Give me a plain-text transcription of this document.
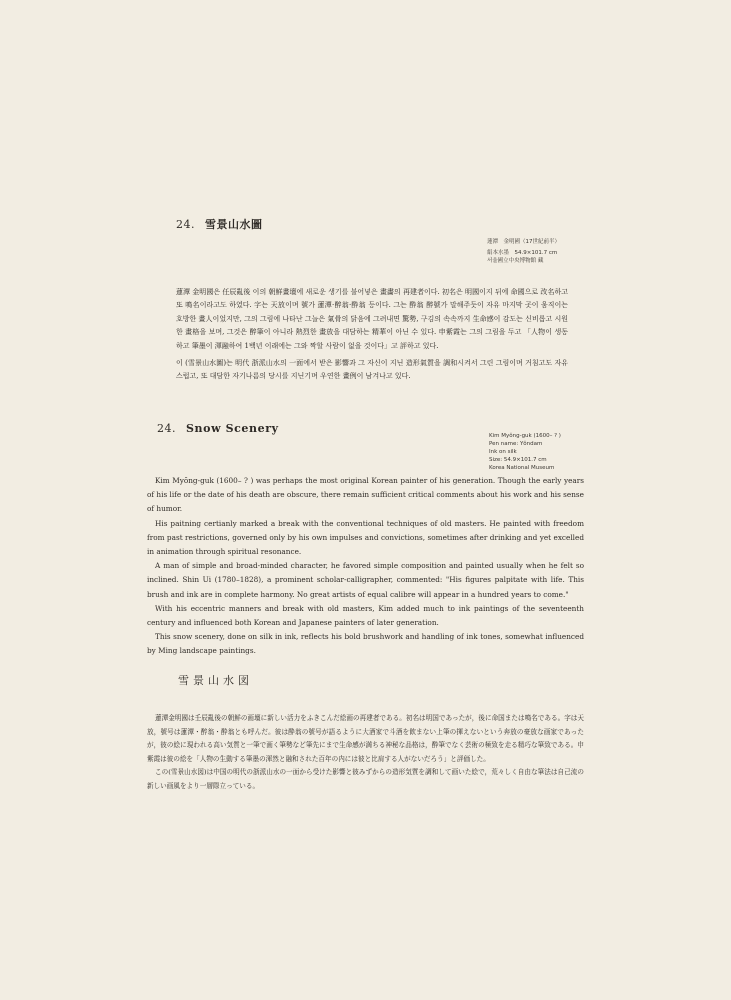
24. 雪景山水圖
蓮潭　金明國（17世紀前半）
絹本水墨　54.9×101.7 cm
서울國立中央博物館 藏

蓮潭 金明國은 任辰亂後 이의 朝鮮畫壇에 새로운 생기를 불어넣은 畫畵의 再建者이다. 初名은 明國이지 뒤에 命國으로 改名하고 또 鳴名이라고도 하였다. 字는 天放이며 號가 蓮潭·醉翁·酔翁 등이다. 그는 酔翁 醉號가 말해주듯이 자유 마지막 곳이 움직이는 호방한 畫人이었지만, 그의 그림에 나타난 그늘은 氣骨의 닭음에 그려내면 驚勢, 구김의 속속까지 生命感이 감도는 신비롭고 시원한 畫格을 보며, 그것은 醉筆이 아니라 熱烈한 畫放을 대담하는 精華이 아닌 수 있다. 申紫霞는 그의 그림을 두고 「人物이 생동하고 筆墨이 渾融하여 1백년 이래에는 그와 짝할 사람이 없을 것이다」고 評하고 있다.

이 (雪景山水圖)는 明代 浙派山水의 一面에서 받은 影響과 그 자신이 지닌 造形氣質을 調和시켜서 그린 그림이며 거침고도 자유스럽고, 또 대담한 자기나름의 당시를 지닌기며 우연한 畫例이 남겨나고 있다.

24. Snow Scenery
Kim Myŏng-guk (1600– ? )
Pen name: Yŏndam
Ink on silk
Size: 54.9×101.7 cm
Korea National Museum

Kim Myŏng-guk (1600– ? ) was perhaps the most original Korean painter of his generation. Though the early years of his life or the date of his death are obscure, there remain sufficient critical comments about his work and his sense of humor.

His paitning certianly marked a break with the conventional techniques of old masters. He painted with freedom from past restrictions, governed only by his own impulses and convictions, sometimes after drinking and yet excelled in animation through spiritual resonance.

A man of simple and broad-minded character, he favored simple composition and painted usually when he felt so inclined. Shin Ui (1780–1828), a prominent scholar-calligrapher, commented: "His figures palpitate with life. This brush and ink are in complete harmony. No great artists of equal calibre will appear in a hundred years to come."

With his eccentric manners and break with old masters, Kim added much to ink paintings of the seventeenth century and influenced both Korean and Japanese painters of later generation.

This snow scenery, done on silk in ink, reflects his bold brushwork and handling of ink tones, somewhat influenced by Ming landscape paintings.

雪景山水図

蓮潭金明國は壬辰亂後の朝鮮の画壇に新しい活力をふきこんだ絵画の再建者である。初名は明国であったが，後に命国または鳴名である。字は天放，號号は蓮潭・醉翁・酔翁とも呼んだ。彼は酔翁の號号が語るように大酒家で斗酒を飲まない上筆の揮えないという奔放の豪放な画家であったが，彼の絵に現われる高い気質と一筆で画く筆勢など筆先にまで生命感が満ちる神秘な品格は，酔筆でなく芸術の極致を走る精巧な筆致である。申紫霞は彼の絵を「人物の生動する筆墨の渾然と融和された百年の内には彼と比肩する人がないだろう」と評価した。

この(雪景山水図)は中国の明代の浙派山水の一面から受けた影響と彼みずからの造形気質を調和して画いた絵で，荒々しく自由な筆法は自己流の新しい画風をより一層際立っている。
